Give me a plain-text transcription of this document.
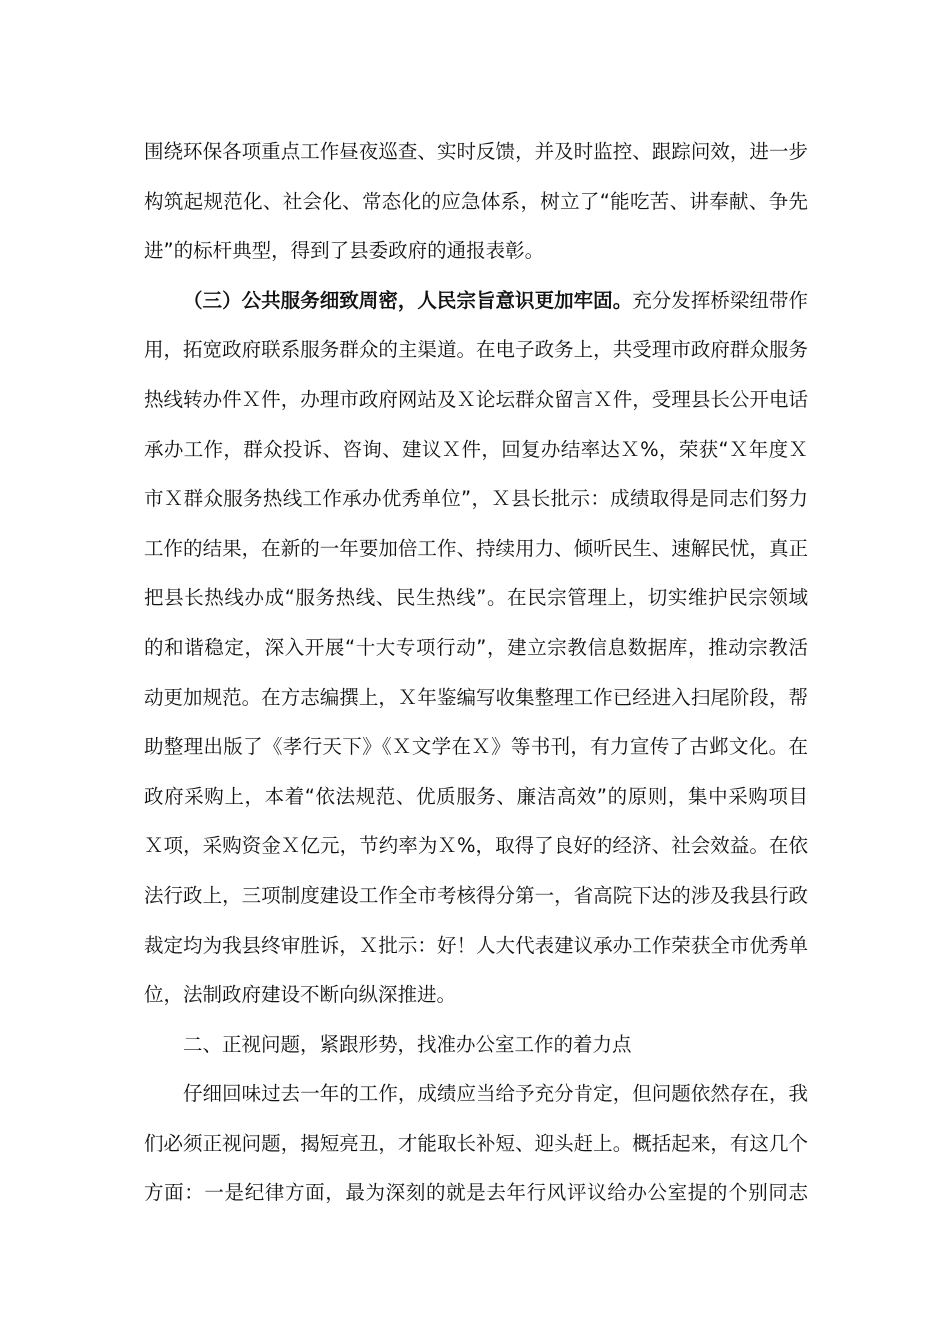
围绕环保各项重点工作昼夜巡查、实时反馈，并及时监控、跟踪问效，进一步
构筑起规范化、社会化、常态化的应急体系，树立了“能吃苦、讲奉献、争先
进”的标杆典型，得到了县委政府的通报表彰。

（三）公共服务细致周密，人民宗旨意识更加牢固。充分发挥桥梁纽带作
用，拓宽政府联系服务群众的主渠道。在电子政务上，共受理市政府群众服务
热线转办件Ｘ件，办理市政府网站及Ｘ论坛群众留言Ｘ件，受理县长公开电话
承办工作，群众投诉、咨询、建议Ｘ件，回复办结率达Ｘ%，荣获“Ｘ年度Ｘ
市Ｘ群众服务热线工作承办优秀单位”，Ｘ县长批示：成绩取得是同志们努力
工作的结果，在新的一年要加倍工作、持续用力、倾听民生、速解民忧，真正
把县长热线办成“服务热线、民生热线”。在民宗管理上，切实维护民宗领域
的和谐稳定，深入开展“十大专项行动”，建立宗教信息数据库，推动宗教活
动更加规范。在方志编撰上，Ｘ年鉴编写收集整理工作已经进入扫尾阶段，帮
助整理出版了《孝行天下》《Ｘ文学在Ｘ》等书刊，有力宣传了古邺文化。在
政府采购上，本着“依法规范、优质服务、廉洁高效”的原则，集中采购项目
Ｘ项，采购资金Ｘ亿元，节约率为Ｘ%，取得了良好的经济、社会效益。在依
法行政上，三项制度建设工作全市考核得分第一，省高院下达的涉及我县行政
裁定均为我县终审胜诉，Ｘ批示：好！人大代表建议承办工作荣获全市优秀单
位，法制政府建设不断向纵深推进。

二、正视问题，紧跟形势，找准办公室工作的着力点

仔细回味过去一年的工作，成绩应当给予充分肯定，但问题依然存在，我
们必须正视问题，揭短亮丑，才能取长补短、迎头赶上。概括起来，有这几个
方面：一是纪律方面，最为深刻的就是去年行风评议给办公室提的个别同志
